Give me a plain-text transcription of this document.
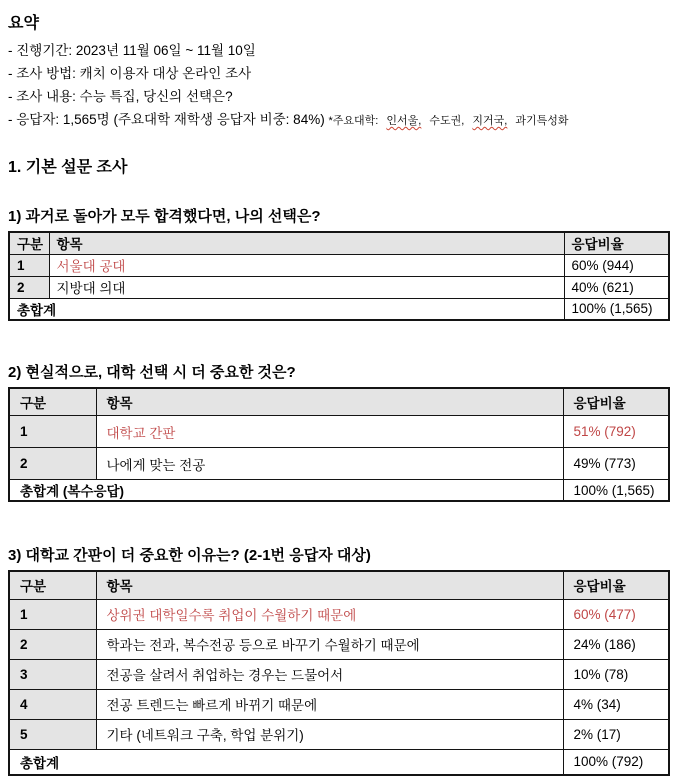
요약
- 진행기간: 2023년 11월 06일 ~ 11월 10일
- 조사 방법: 캐치 이용자 대상 온라인 조사
- 조사 내용: 수능 특집, 당신의 선택은?
- 응답자: 1,565명 (주요대학 재학생 응답자 비중: 84%) *주요대학: 인서울, 수도권, 지거국, 과기특성화
1. 기본 설문 조사
1) 과거로 돌아가 모두 합격했다면, 나의 선택은?
구분	항목	응답비율
1	서울대 공대	60% (944)
2	지방대 의대	40% (621)
총합계		100% (1,565)
2) 현실적으로, 대학 선택 시 더 중요한 것은?
구분	항목	응답비율
1	대학교 간판	51% (792)
2	나에게 맞는 전공	49% (773)
총합계 (복수응답)		100% (1,565)
3) 대학교 간판이 더 중요한 이유는? (2-1번 응답자 대상)
구분	항목	응답비율
1	상위권 대학일수록 취업이 수월하기 때문에	60% (477)
2	학과는 전과, 복수전공 등으로 바꾸기 수월하기 때문에	24% (186)
3	전공을 살려서 취업하는 경우는 드물어서	10% (78)
4	전공 트렌드는 빠르게 바뀌기 때문에	4% (34)
5	기타 (네트워크 구축, 학업 분위기)	2% (17)
총합계		100% (792)
